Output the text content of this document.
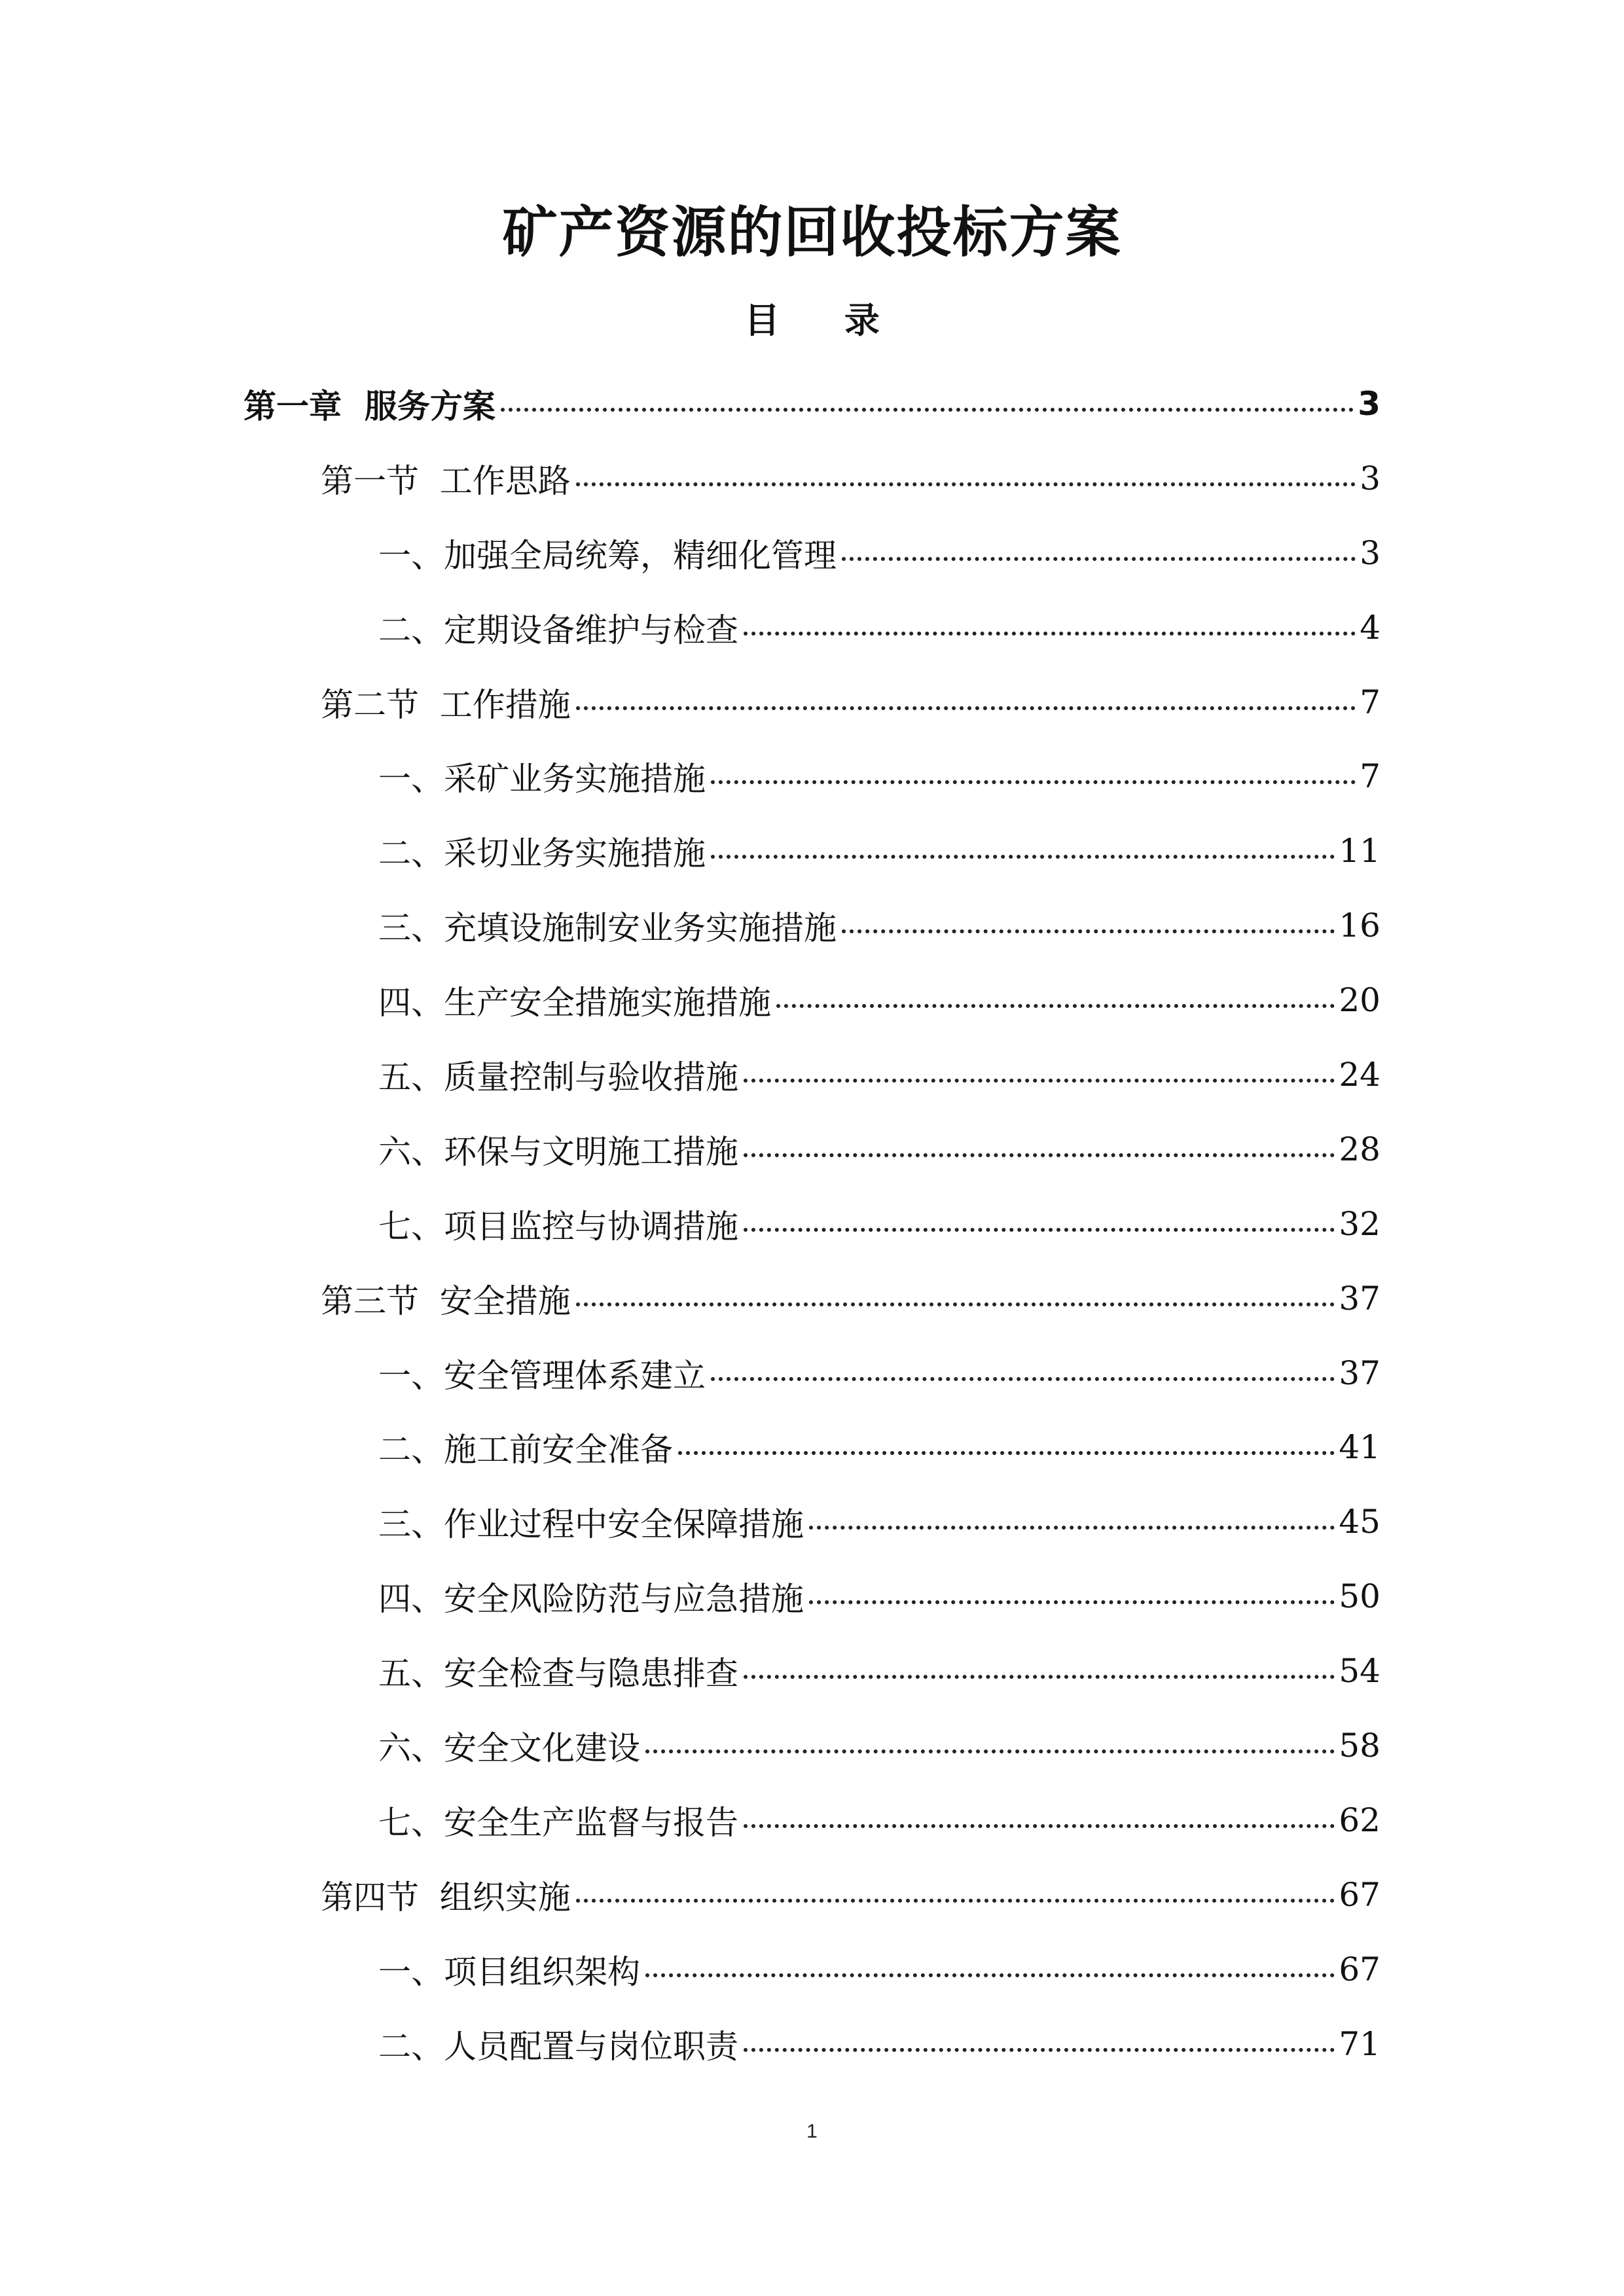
矿产资源的回收投标方案
目 录
第一章  服务方案	3
第一节  工作思路	3
一、加强全局统筹，精细化管理	3
二、定期设备维护与检查	4
第二节  工作措施	7
一、采矿业务实施措施	7
二、采切业务实施措施	11
三、充填设施制安业务实施措施	16
四、生产安全措施实施措施	20
五、质量控制与验收措施	24
六、环保与文明施工措施	28
七、项目监控与协调措施	32
第三节  安全措施	37
一、安全管理体系建立	37
二、施工前安全准备	41
三、作业过程中安全保障措施	45
四、安全风险防范与应急措施	50
五、安全检查与隐患排查	54
六、安全文化建设	58
七、安全生产监督与报告	62
第四节  组织实施	67
一、项目组织架构	67
二、人员配置与岗位职责	71
1
